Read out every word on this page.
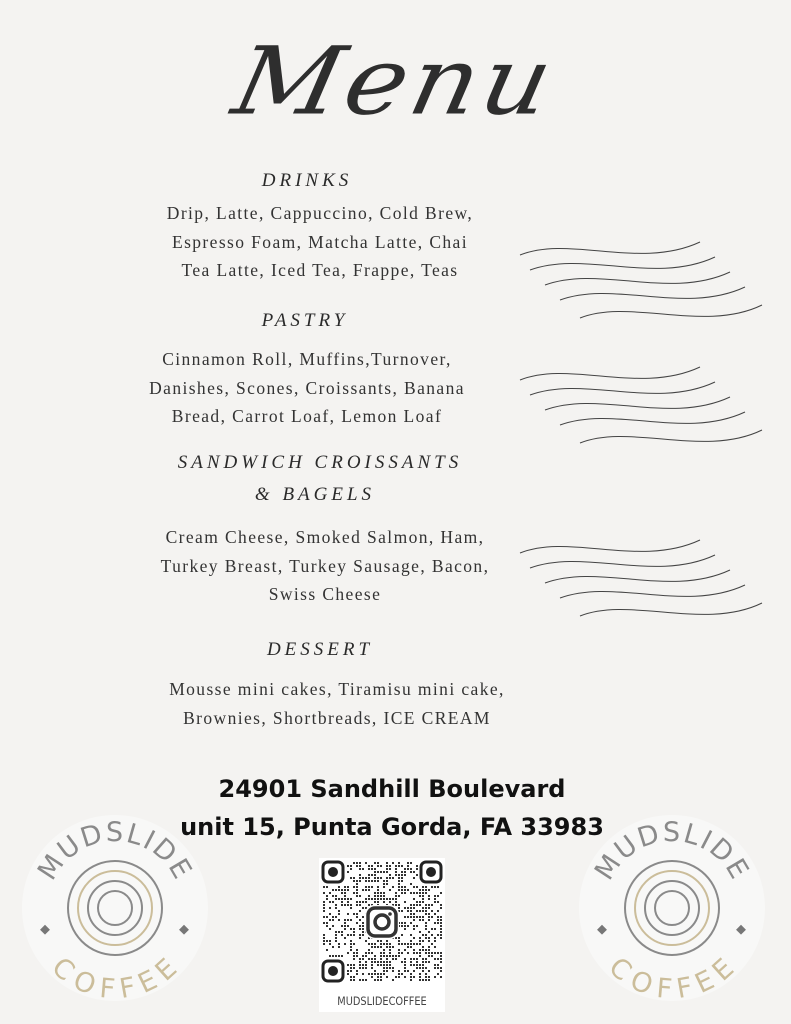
Menu
DRINKS
Drip, Latte, Cappuccino, Cold Brew,
Espresso Foam, Matcha Latte, Chai
Tea Latte, Iced Tea, Frappe, Teas
PASTRY
Cinnamon Roll, Muffins,Turnover,
Danishes, Scones, Croissants, Banana
Bread, Carrot Loaf, Lemon Loaf
SANDWICH CROISSANTS
& BAGELS
Cream Cheese, Smoked Salmon, Ham,
Turkey Breast, Turkey Sausage, Bacon,
Swiss Cheese
DESSERT
Mousse mini cakes, Tiramisu mini cake,
Brownies, Shortbreads, ICE CREAM
24901 Sandhill Boulevard
unit 15, Punta Gorda, FA 33983
MUDSLIDE
COFFEE
MUDSLIDE
COFFEE
MUDSLIDECOFFEE
